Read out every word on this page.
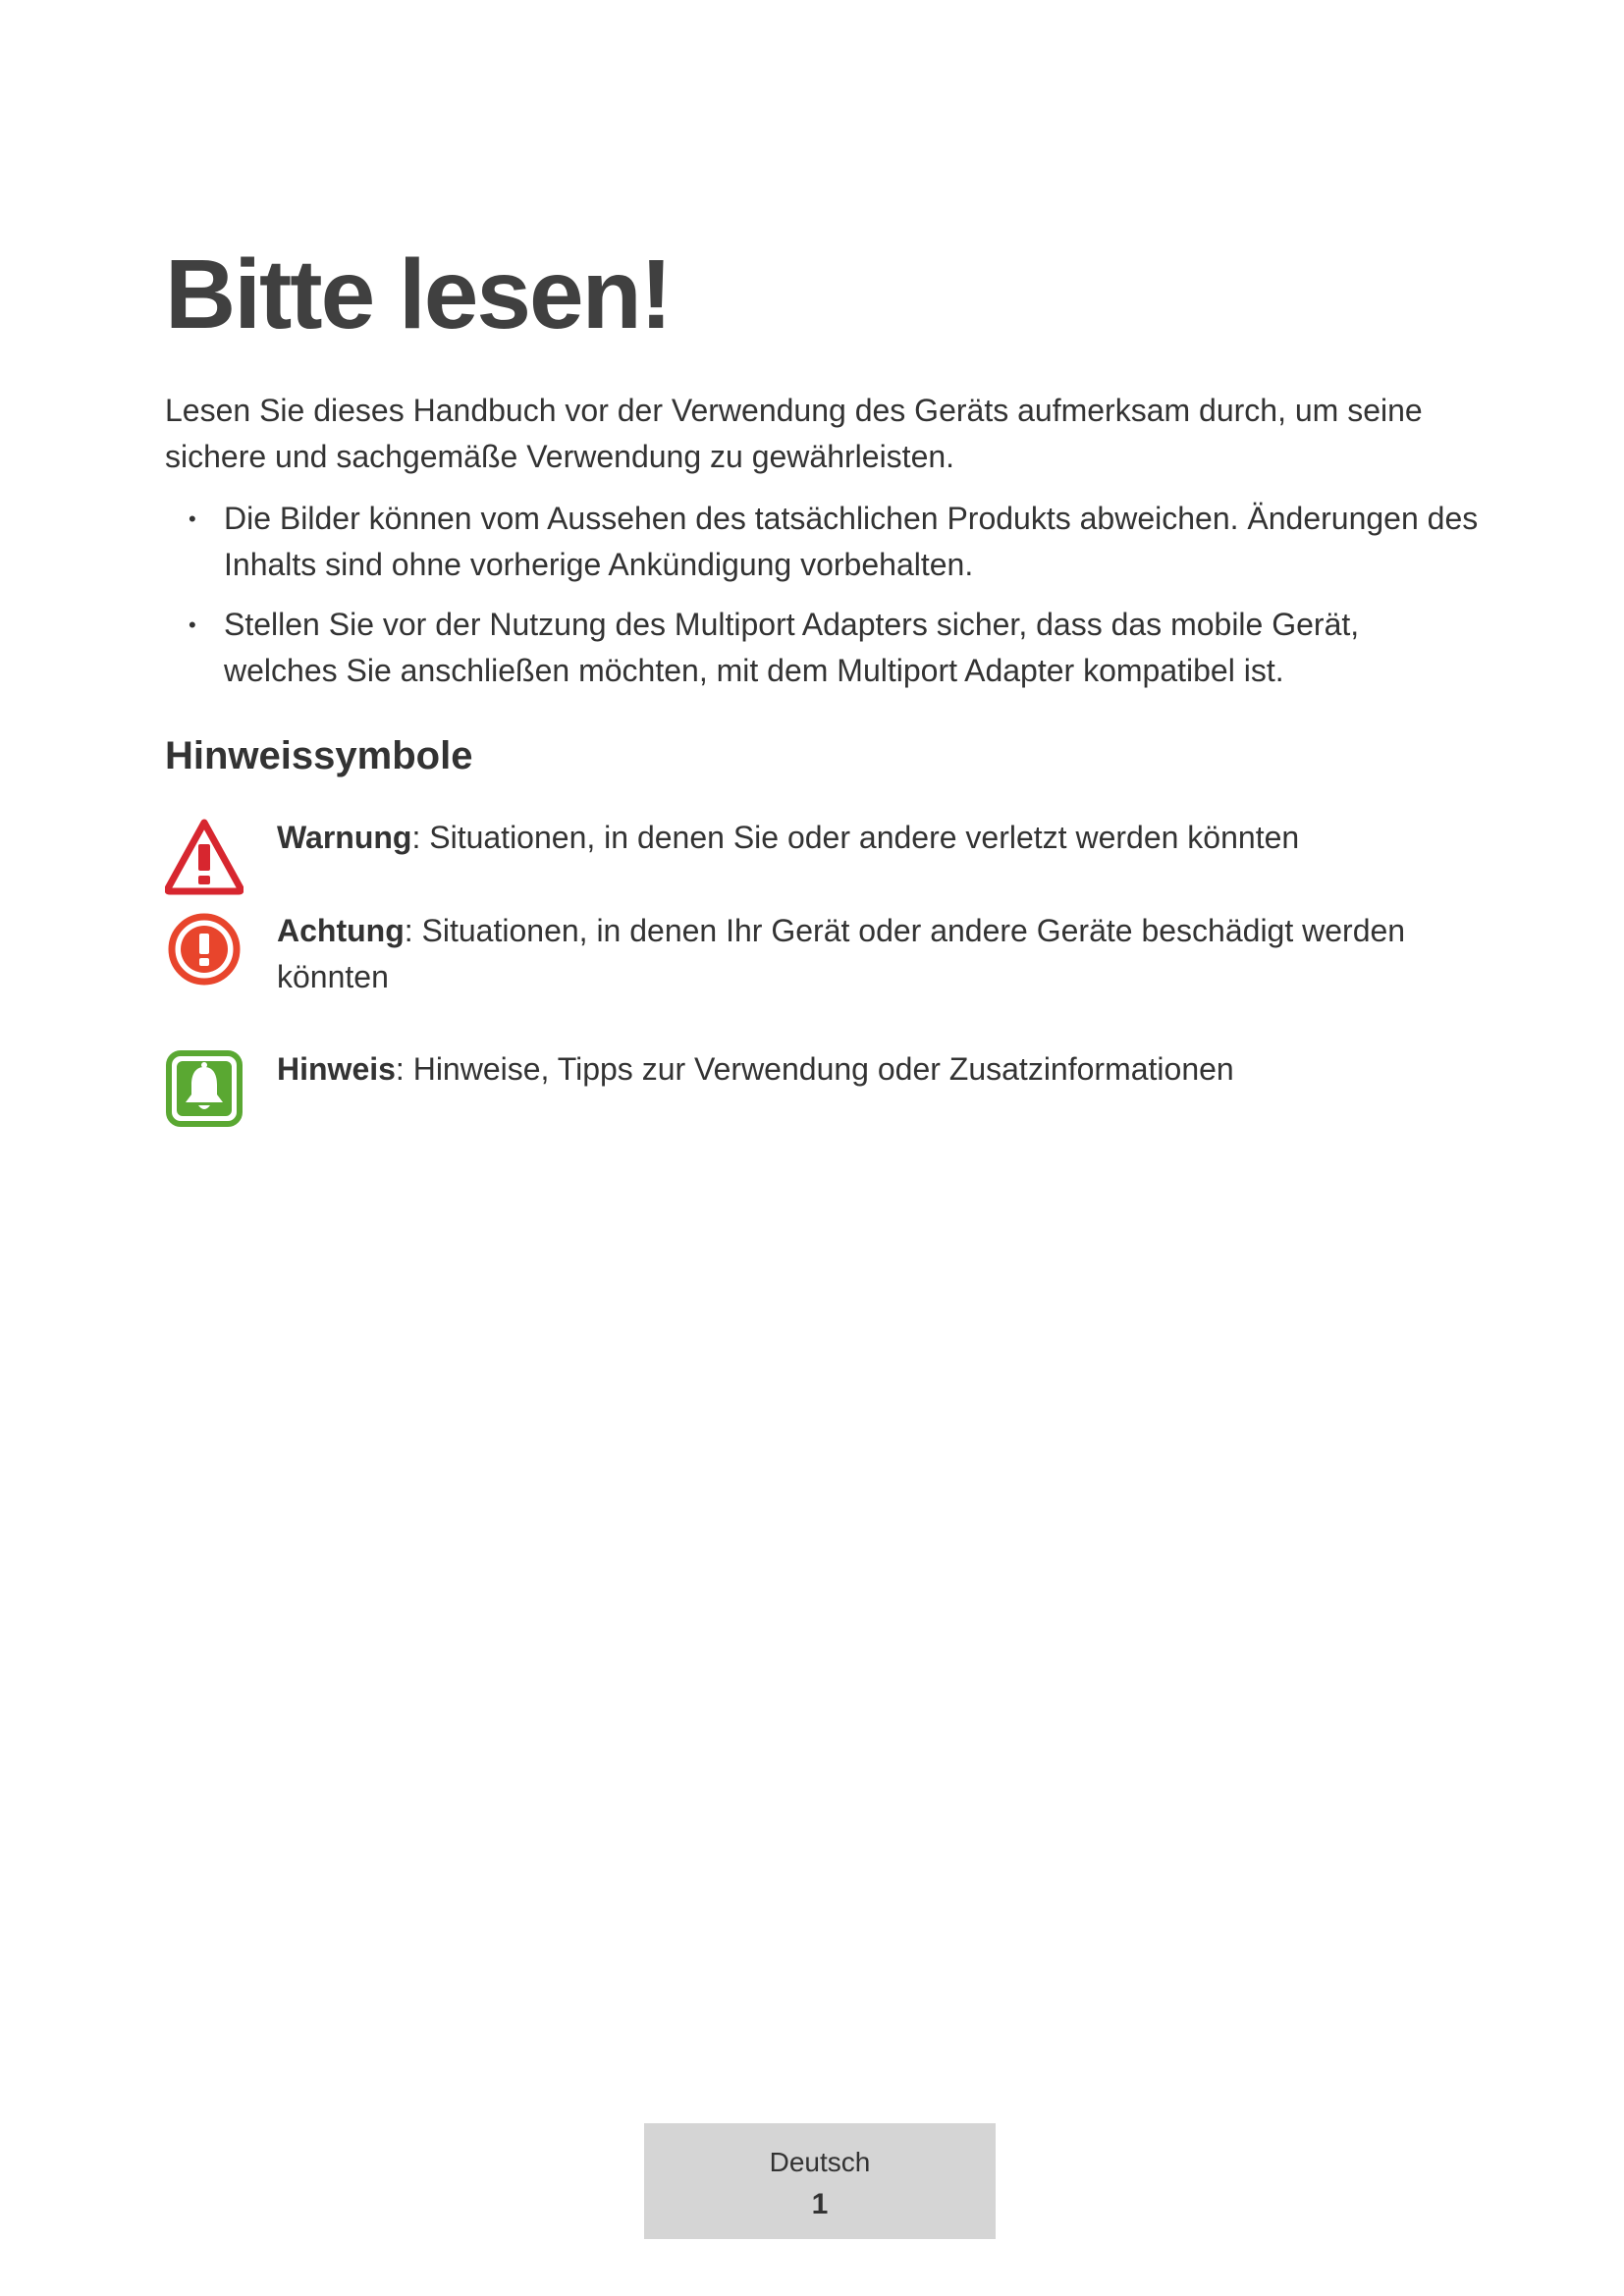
Bitte lesen!

Lesen Sie dieses Handbuch vor der Verwendung des Geräts aufmerksam durch, um seine sichere und sachgemäße Verwendung zu gewährleisten.

• Die Bilder können vom Aussehen des tatsächlichen Produkts abweichen. Änderungen des Inhalts sind ohne vorherige Ankündigung vorbehalten.
• Stellen Sie vor der Nutzung des Multiport Adapters sicher, dass das mobile Gerät, welches Sie anschließen möchten, mit dem Multiport Adapter kompatibel ist.
Hinweissymbole
Warnung: Situationen, in denen Sie oder andere verletzt werden könnten
Achtung: Situationen, in denen Ihr Gerät oder andere Geräte beschädigt werden könnten
Hinweis: Hinweise, Tipps zur Verwendung oder Zusatzinformationen
Deutsch
1
